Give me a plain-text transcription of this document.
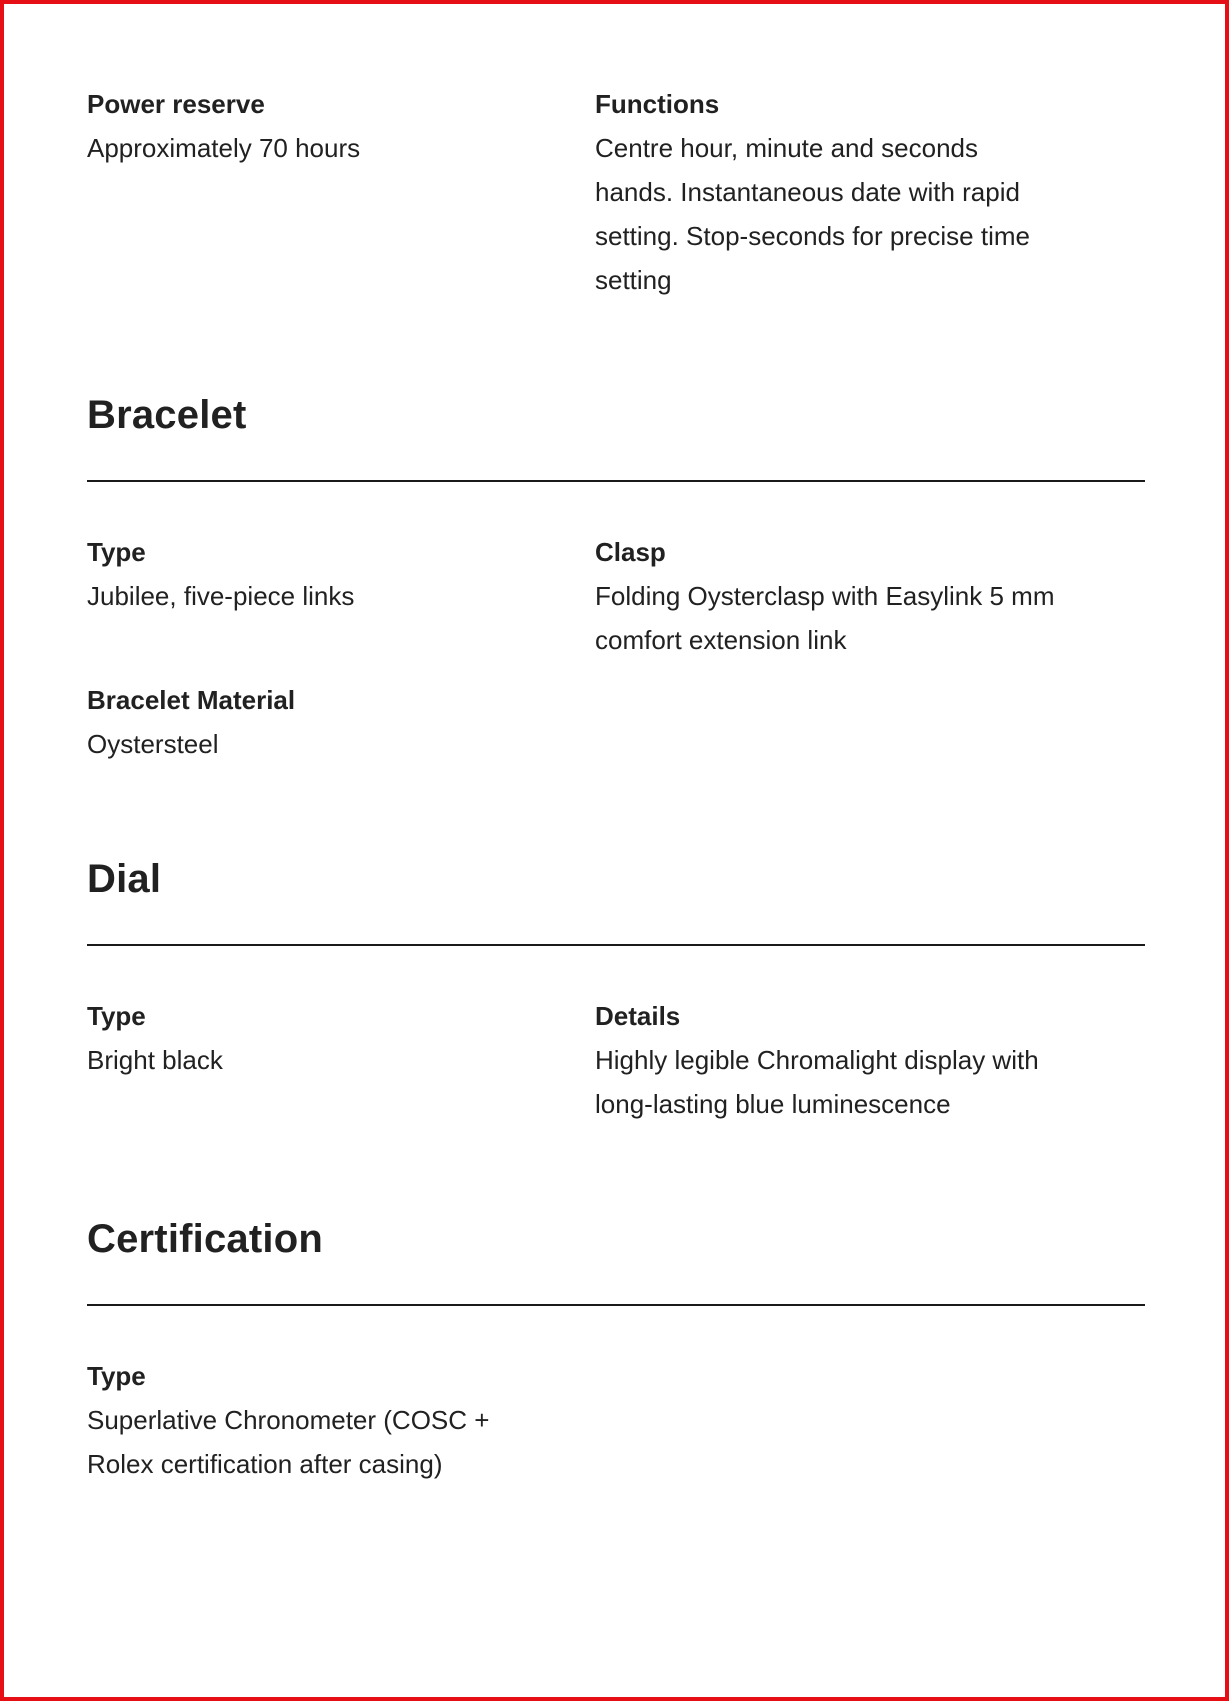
Power reserve
Approximately 70 hours
Functions
Centre hour, minute and seconds hands. Instantaneous date with rapid setting. Stop-seconds for precise time setting
Bracelet
Type
Jubilee, five-piece links
Clasp
Folding Oysterclasp with Easylink 5 mm comfort extension link
Bracelet Material
Oystersteel
Dial
Type
Bright black
Details
Highly legible Chromalight display with long-lasting blue luminescence
Certification
Type
Superlative Chronometer (COSC + Rolex certification after casing)
